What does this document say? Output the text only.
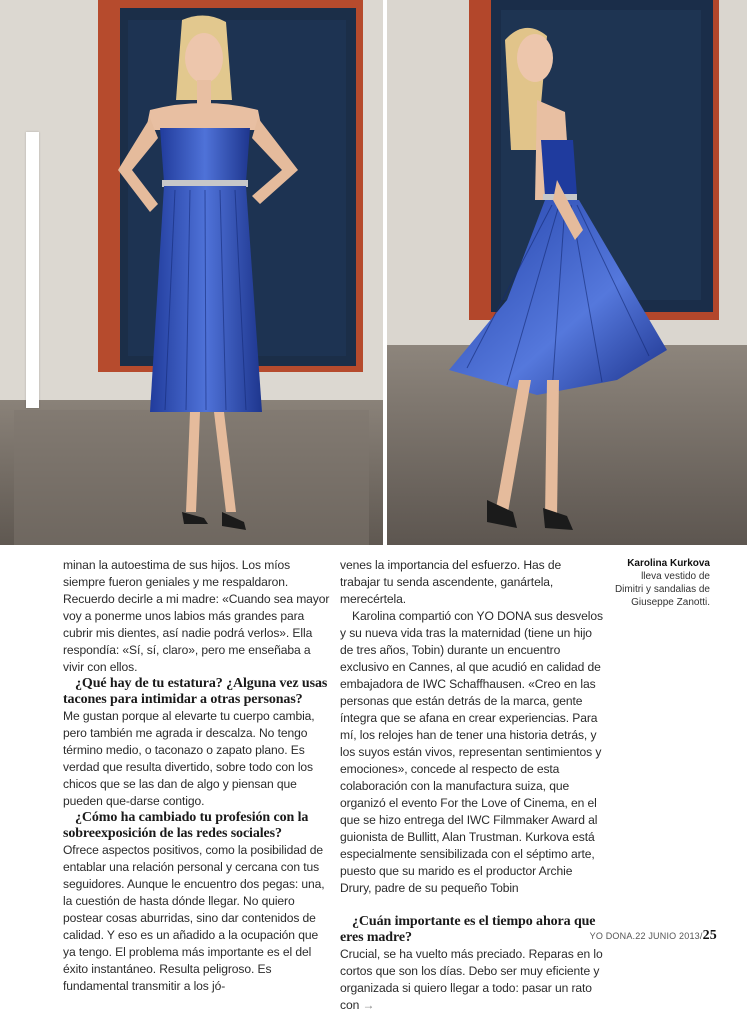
minan la autoestima de sus hijos. Los míos siempre fueron geniales y me respaldaron. Recuerdo decirle a mi madre: «Cuando sea mayor voy a ponerme unos labios más grandes para cubrir mis dientes, así nadie podrá verlos». Ella respondía: «Sí, sí, claro», pero me enseñaba a vivir con ellos.

¿Qué hay de tu estatura? ¿Alguna vez usas tacones para intimidar a otras personas?

Me gustan porque al elevarte tu cuerpo cambia, pero también me agrada ir descalza. No tengo término medio, o taconazo o zapato plano. Es verdad que resulta divertido, sobre todo con los chicos que se las dan de algo y piensan que pueden que-darse contigo.

¿Cómo ha cambiado tu profesión con la sobreexposición de las redes sociales?

Ofrece aspectos positivos, como la posibilidad de entablar una relación personal y cercana con tus seguidores. Aunque le encuentro dos pegas: una, la cuestión de hasta dónde llegar. No quiero postear cosas aburridas, sino dar contenidos de calidad. Y eso es un añadido a la ocupación que ya tengo. El problema más importante es el del éxito instantáneo. Resulta peligroso. Es fundamental transmitir a los jó-

venes la importancia del esfuerzo. Has de trabajar tu senda ascendente, ganártela, merecértela.

Karolina compartió con YO DONA sus desvelos y su nueva vida tras la maternidad (tiene un hijo de tres años, Tobin) durante un encuentro exclusivo en Cannes, al que acudió en calidad de embajadora de IWC Schaffhausen. «Creo en las personas que están detrás de la marca, gente íntegra que se afana en crear experiencias. Para mí, los relojes han de tener una historia detrás, y los suyos están vivos, representan sentimientos y emociones», concede al respecto de esta colaboración con la manufactura suiza, que organizó el evento For the Love of Cinema, en el que se hizo entrega del IWC Filmmaker Award al guionista de Bullitt, Alan Trustman. Kurkova está especialmente sensibilizada con el séptimo arte, puesto que su marido es el productor Archie Drury, padre de su pequeño Tobin

¿Cuán importante es el tiempo ahora que eres madre?

Crucial, se ha vuelto más preciado. Reparas en lo cortos que son los días. Debo ser muy eficiente y organizada si quiero llegar a todo: pasar un rato con →

Karolina Kurkova
lleva vestido de Dimitri y sandalias de Giuseppe Zanotti.
YO DONA.22 JUNIO 2013/25
